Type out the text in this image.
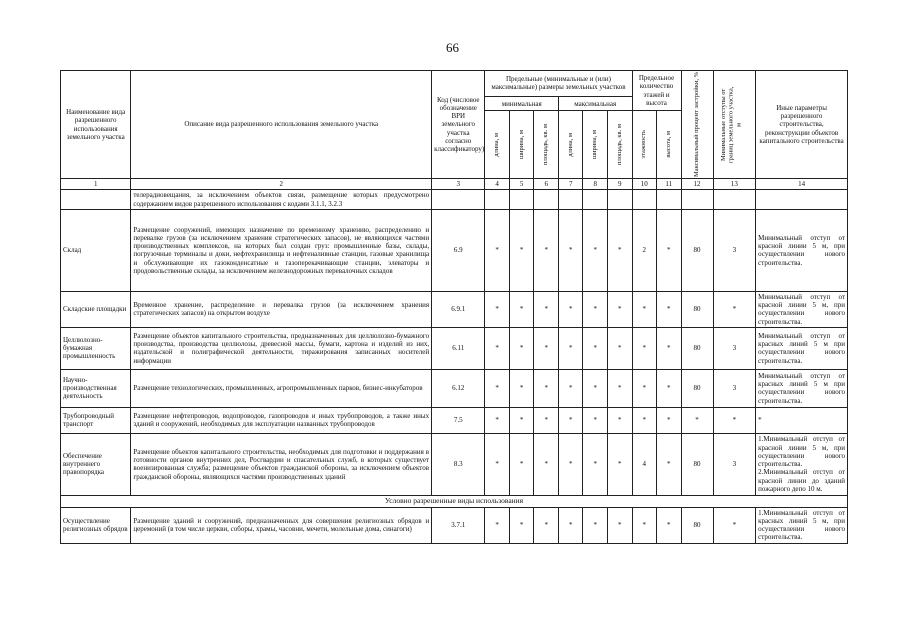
66
Наименование вида разрешенного использования земельного участка	Описание вида разрешенного использования земельного участка	Код (числовое обозначение ВРИ земельного участка согласно классификатору)	Предельные (минимальные и (или) максимальные) размеры земельных участков						Предельное количество этажей и высота		Максимальный процент застройки, %	Минимальные отступы от границ земельного участка, м	Иные параметры разрешенного строительства, реконструкции объектов капитального строительства
			минимальная			максимальная							

			длина, м	ширина, м	площадь, кв. м	длина, м	ширина, м	площадь, кв. м	этажность	высота, м			

1	2	3	4	5	6	7	8	9	10	11	12	13	14
	телерадиовещания, за исключением объектов связи, размещение которых предусмотрено содержанием видов разрешенного использования с кодами 3.1.1, 3.2.3												
Склад	Размещение сооружений, имеющих назначение по временному хранению, распределению и перевалке грузов (за исключением хранения стратегических запасов), не являющихся частями производственных комплексов, на которых был создан груз: промышленные базы, склады, погрузочные терминалы и доки, нефтехранилища и нефтеналивные станции, газовые хранилища и обслуживающие их газоконденсатные и газоперекачивающие станции, элеваторы и продовольственные склады, за исключением железнодорожных перевалочных складов	6.9	*	*	*	*	*	*	2	*	80	3	Минимальный отступ от красной линии 5 м, при осуществлении нового строительства.
Складские площадки	Временное хранение, распределение и перевалка грузов (за исключением хранения стратегических запасов) на открытом воздухе	6.9.1	*	*	*	*	*	*	*	*	80	*	Минимальный отступ от красной линии 5 м, при осуществлении нового строительства.
Целлюлозно-бумажная промышленность	Размещение объектов капитального строительства, предназначенных для целлюлозно-бумажного производства, производства целлюлозы, древесной массы, бумаги, картона и изделий из них, издательской и полиграфической деятельности, тиражирования записанных носителей информации	6.11	*	*	*	*	*	*	*	*	80	3	Минимальный отступ от красных линий 5 м при осуществлении нового строительства.
Научно-производственная деятельность	Размещение технологических, промышленных, агропромышленных парков, бизнес-инкубаторов	6.12	*	*	*	*	*	*	*	*	80	3	Минимальный отступ от красных линий 5 м при осуществлении нового строительства.
Трубопроводный транспорт	Размещение нефтепроводов, водопроводов, газопроводов и иных трубопроводов, а также иных зданий и сооружений, необходимых для эксплуатации названных трубопроводов	7.5	*	*	*	*	*	*	*	*	*	*	*
Обеспечение внутреннего правопорядка	Размещение объектов капитального строительства, необходимых для подготовки и поддержания в готовности органов внутренних дел, Росгвардии и спасательных служб, в которых существует военизированная служба; размещение объектов гражданской обороны, за исключением объектов гражданской обороны, являющихся частями производственных зданий	8.3	*	*	*	*	*	*	4	*	80	3	1.Минимальный отступ от красной линии 5 м, при осуществлении нового строительства.
2.Минимальный отступ от красной линии до зданий пожарного депо 10 м.
Условно разрешенные виды использования													
Осуществление религиозных обрядов	Размещение зданий и сооружений, предназначенных для совершения религиозных обрядов и церемоний (в том числе церкви, соборы, храмы, часовни, мечети, молельные дома, синагоги)	3.7.1	*	*	*	*	*	*	*	*	80	*	1.Минимальный отступ от красных линий 5 м, при осуществлении нового строительства.
